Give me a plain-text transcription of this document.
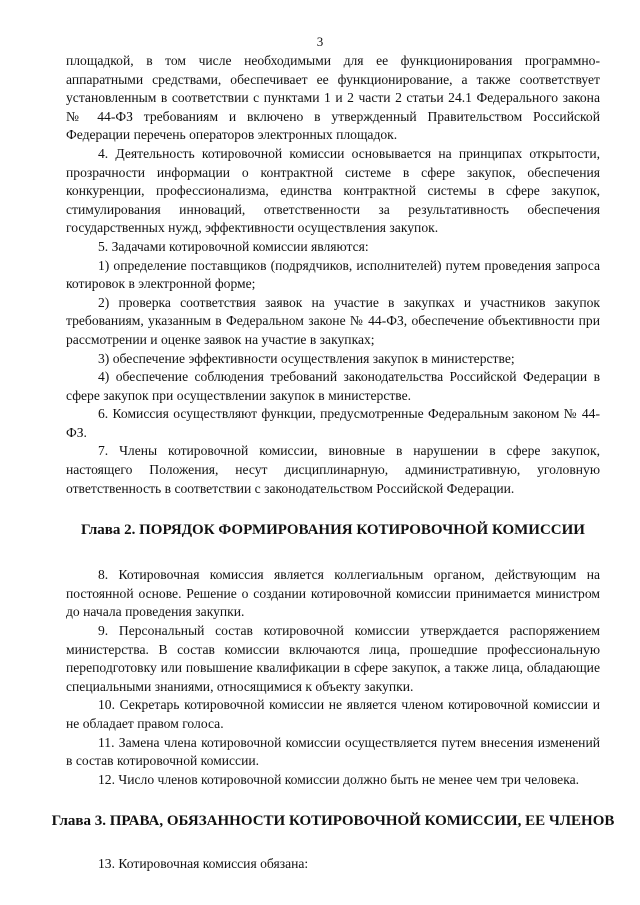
3

площадкой, в том числе необходимыми для ее функционирования программно-аппаратными средствами, обеспечивает ее функционирование, а также соответствует установленным в соответствии с пунктами 1 и 2 части 2 статьи 24.1 Федерального закона № 44-ФЗ требованиям и включено в утвержденный Правительством Российской Федерации перечень операторов электронных площадок.

4. Деятельность котировочной комиссии основывается на принципах открытости, прозрачности информации о контрактной системе в сфере закупок, обеспечения конкуренции, профессионализма, единства контрактной системы в сфере закупок, стимулирования инноваций, ответственности за результативность обеспечения государственных нужд, эффективности осуществления закупок.

5. Задачами котировочной комиссии являются:

1) определение поставщиков (подрядчиков, исполнителей) путем проведения запроса котировок в электронной форме;

2) проверка соответствия заявок на участие в закупках и участников закупок требованиям, указанным в Федеральном законе № 44-ФЗ, обеспечение объективности при рассмотрении и оценке заявок на участие в закупках;

3) обеспечение эффективности осуществления закупок в министерстве;

4) обеспечение соблюдения требований законодательства Российской Федерации в сфере закупок при осуществлении закупок в министерстве.

6. Комиссия осуществляют функции, предусмотренные Федеральным законом № 44-ФЗ.

7. Члены котировочной комиссии, виновные в нарушении в сфере закупок, настоящего Положения, несут дисциплинарную, административную, уголовную ответственность в соответствии с законодательством Российской Федерации.

Глава 2. ПОРЯДОК ФОРМИРОВАНИЯ КОТИРОВОЧНОЙ КОМИССИИ

8. Котировочная комиссия является коллегиальным органом, действующим на постоянной основе. Решение о создании котировочной комиссии принимается министром до начала проведения закупки.

9. Персональный состав котировочной комиссии утверждается распоряжением министерства. В состав комиссии включаются лица, прошедшие профессиональную переподготовку или повышение квалификации в сфере закупок, а также лица, обладающие специальными знаниями, относящимися к объекту закупки.

10. Секретарь котировочной комиссии не является членом котировочной комиссии и не обладает правом голоса.

11. Замена члена котировочной комиссии осуществляется путем внесения изменений в состав котировочной комиссии.

12. Число членов котировочной комиссии должно быть не менее чем три человека.

Глава 3. ПРАВА, ОБЯЗАННОСТИ КОТИРОВОЧНОЙ КОМИССИИ, ЕЕ ЧЛЕНОВ

13. Котировочная комиссия обязана:
